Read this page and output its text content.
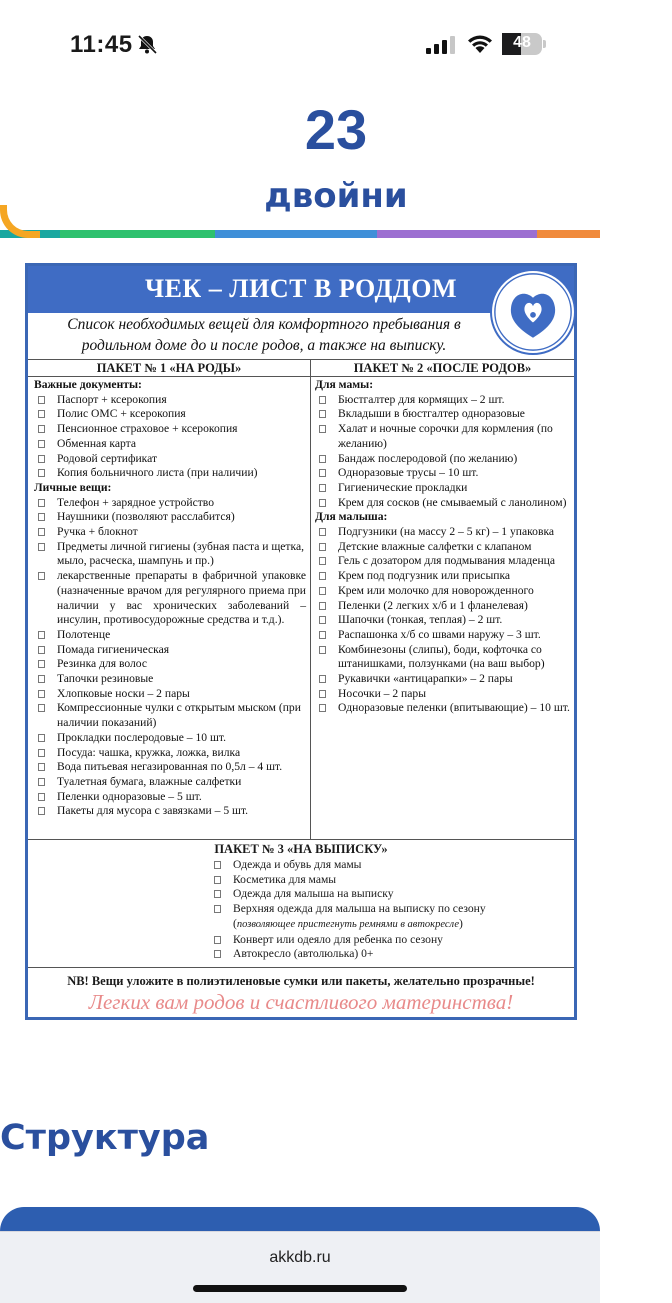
11:45	48
23
двойни
ЧЕК – ЛИСТ В РОДДОМ
Список необходимых вещей для комфортного пребывания в родильном доме до и после родов, а также на выписку.
ПАКЕТ № 1 «НА РОДЫ»	ПАКЕТ № 2 «ПОСЛЕ РОДОВ»
Важные документы:
Паспорт + ксерокопия
Полис ОМС + ксерокопия
Пенсионное страховое + ксерокопия
Обменная карта
Родовой сертификат
Копия больничного листа (при наличии)
Личные вещи:
Телефон + зарядное устройство
Наушники (позволяют расслабится)
Ручка + блокнот
Предметы личной гигиены (зубная паста и щетка, мыло, расческа, шампунь и пр.)
лекарственные препараты в фабричной упаковке (назначенные врачом для регулярного приема при наличии у вас хронических заболеваний – инсулин, противосудорожные средства и т.д.).
Полотенце
Помада гигиеническая
Резинка для волос
Тапочки резиновые
Хлопковые носки – 2 пары
Компрессионные чулки с открытым мыском (при наличии показаний)
Прокладки послеродовые – 10 шт.
Посуда: чашка, кружка, ложка, вилка
Вода питьевая негазированная по 0,5л – 4 шт.
Туалетная бумага, влажные салфетки
Пеленки одноразовые – 5 шт.
Пакеты для мусора с завязками – 5 шт.
Для мамы:
Бюстгалтер для кормящих – 2 шт.
Вкладыши в бюстгалтер одноразовые
Халат и ночные сорочки для кормления (по желанию)
Бандаж послеродовой (по желанию)
Одноразовые трусы – 10 шт.
Гигиенические прокладки
Крем для сосков (не смываемый с ланолином)
Для малыша:
Подгузники (на массу 2 – 5 кг) – 1 упаковка
Детские влажные салфетки с клапаном
Гель с дозатором для подмывания младенца
Крем под подгузник или присыпка
Крем или молочко для новорожденного
Пеленки (2 легких х/б и 1 фланелевая)
Шапочки (тонкая, теплая) – 2 шт.
Распашонка х/б со швами наружу – 3 шт.
Комбинезоны (слипы), боди, кофточка со штанишками, ползунками (на ваш выбор)
Рукавички «антицарапки» – 2 пары
Носочки – 2 пары
Одноразовые пеленки (впитывающие) – 10 шт.
ПАКЕТ № 3 «НА ВЫПИСКУ»
Одежда и обувь для мамы
Косметика для мамы
Одежда для малыша на выписку
Верхняя одежда для малыша на выписку по сезону (позволяющее пристегнуть ремнями в автокресле)
Конверт или одеяло для ребенка по сезону
Автокресло (автолюлька) 0+
NB! Вещи уложите в полиэтиленовые сумки или пакеты, желательно прозрачные!
Легких вам родов и счастливого материнства!
Структура
akkdb.ru
